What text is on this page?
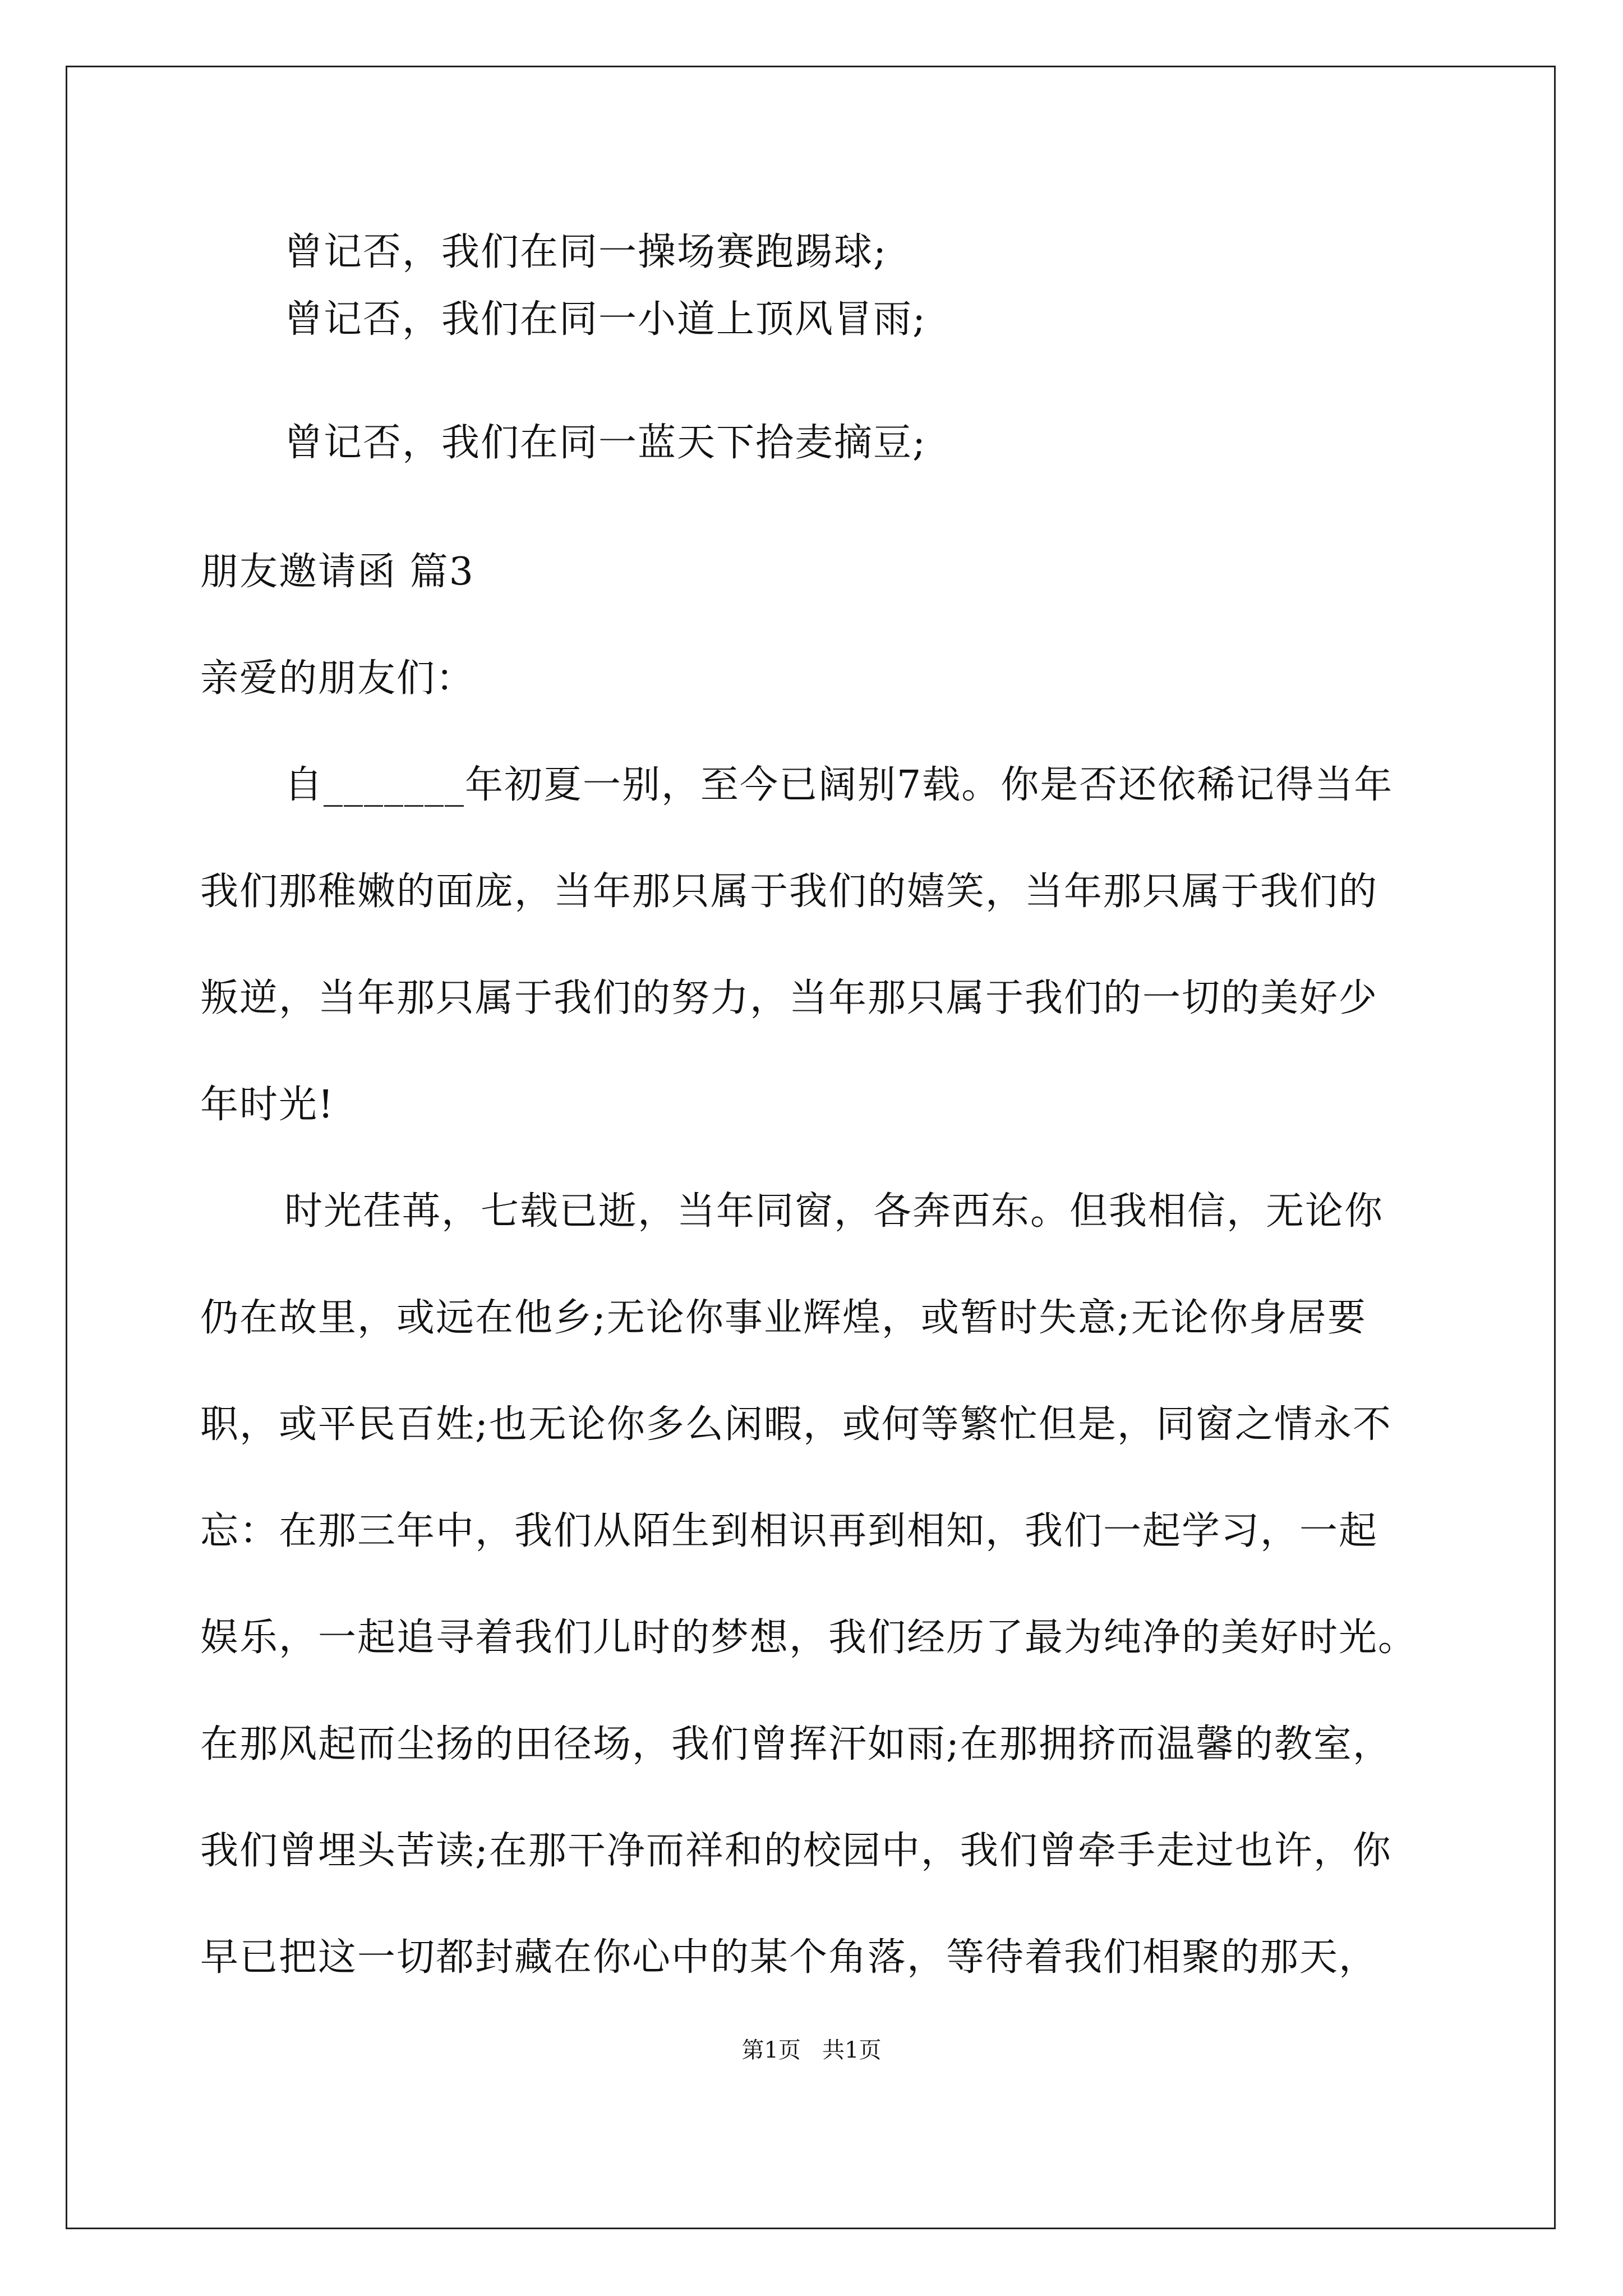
曾记否，我们在同一操场赛跑踢球;
曾记否，我们在同一小道上顶风冒雨;
曾记否，我们在同一蓝天下拾麦摘豆;
朋友邀请函 篇3
亲爱的朋友们：
自_______年初夏一别，至今已阔别7载。你是否还依稀记得当年
我们那稚嫩的面庞，当年那只属于我们的嬉笑，当年那只属于我们的
叛逆，当年那只属于我们的努力，当年那只属于我们的一切的美好少
年时光!
时光荏苒，七载已逝，当年同窗，各奔西东。但我相信，无论你
仍在故里，或远在他乡;无论你事业辉煌，或暂时失意;无论你身居要
职，或平民百姓;也无论你多么闲暇，或何等繁忙但是，同窗之情永不
忘：在那三年中，我们从陌生到相识再到相知，我们一起学习，一起
娱乐，一起追寻着我们儿时的梦想，我们经历了最为纯净的美好时光。
在那风起而尘扬的田径场，我们曾挥汗如雨;在那拥挤而温馨的教室，
我们曾埋头苦读;在那干净而祥和的校园中，我们曾牵手走过也许，你
早已把这一切都封藏在你心中的某个角落，等待着我们相聚的那天，
第1页   共1页
